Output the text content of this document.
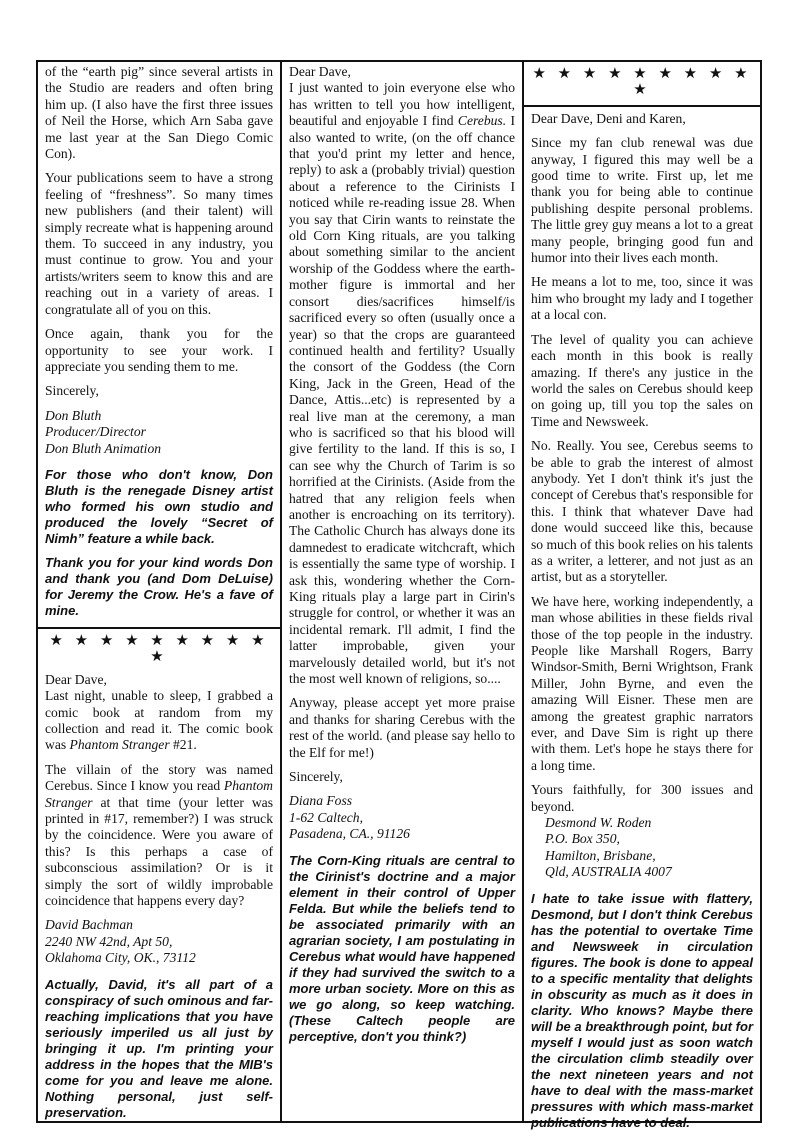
of the “earth pig” since several artists in the Studio are readers and often bring him up. (I also have the first three issues of Neil the Horse, which Arn Saba gave me last year at the San Diego Comic Con).

Your publications seem to have a strong feeling of “freshness”. So many times new publishers (and their talent) will simply recreate what is happening around them. To succeed in any industry, you must continue to grow. You and your artists/writers seem to know this and are reaching out in a variety of areas. I congratulate all of you on this.

Once again, thank you for the opportunity to see your work. I appreciate you sending them to me.

Sincerely,

Don Bluth
Producer/Director
Don Bluth Animation

For those who don't know, Don Bluth is the renegade Disney artist who formed his own studio and produced the lovely “Secret of Nimh” feature a while back.

Thank you for your kind words Don and thank you (and Dom DeLuise) for Jeremy the Crow. He's a fave of mine.

★ ★ ★ ★ ★ ★ ★ ★ ★ ★

Dear Dave,

Last night, unable to sleep, I grabbed a comic book at random from my collection and read it. The comic book was Phantom Stranger #21.

The villain of the story was named Cerebus. Since I know you read Phantom Stranger at that time (your letter was printed in #17, remember?) I was struck by the coincidence. Were you aware of this? Is this perhaps a case of subconscious assimilation? Or is it simply the sort of wildly improbable coincidence that happens every day?

David Bachman
2240 NW 42nd, Apt 50,
Oklahoma City, OK., 73112

Actually, David, it's all part of a conspiracy of such ominous and far-reaching implications that you have seriously imperiled us all just by bringing it up. I'm printing your address in the hopes that the MIB's come for you and leave me alone. Nothing personal, just self-preservation.

Dear Dave,

I just wanted to join everyone else who has written to tell you how intelligent, beautiful and enjoyable I find Cerebus. I also wanted to write, (on the off chance that you'd print my letter and hence, reply) to ask a (probably trivial) question about a reference to the Cirinists I noticed while re-reading issue 28. When you say that Cirin wants to reinstate the old Corn King rituals, are you talking about something similar to the ancient worship of the Goddess where the earth-mother figure is immortal and her consort dies/sacrifices himself/is sacrificed every so often (usually once a year) so that the crops are guaranteed continued health and fertility? Usually the consort of the Goddess (the Corn King, Jack in the Green, Head of the Dance, Attis...etc) is represented by a real live man at the ceremony, a man who is sacrificed so that his blood will give fertility to the land. If this is so, I can see why the Church of Tarim is so horrified at the Cirinists. (Aside from the hatred that any religion feels when another is encroaching on its territory). The Catholic Church has always done its damnedest to eradicate witchcraft, which is essentially the same type of worship. I ask this, wondering whether the Corn-King rituals play a large part in Cirin's struggle for control, or whether it was an incidental remark. I'll admit, I find the latter improbable, given your marvelously detailed world, but it's not the most well known of religions, so....

Anyway, please accept yet more praise and thanks for sharing Cerebus with the rest of the world. (and please say hello to the Elf for me!)

Sincerely,

Diana Foss
1-62 Caltech,
Pasadena, CA., 91126

The Corn-King rituals are central to the Cirinist's doctrine and a major element in their control of Upper Felda. But while the beliefs tend to be associated primarily with an agrarian society, I am postulating in Cerebus what would have happened if they had survived the switch to a more urban society. More on this as we go along, so keep watching. (These Caltech people are perceptive, don't you think?)

★ ★ ★ ★ ★ ★ ★ ★ ★ ★

Dear Dave, Deni and Karen,

Since my fan club renewal was due anyway, I figured this may well be a good time to write. First up, let me thank you for being able to continue publishing despite personal problems. The little grey guy means a lot to a great many people, bringing good fun and humor into their lives each month.

He means a lot to me, too, since it was him who brought my lady and I together at a local con.

The level of quality you can achieve each month in this book is really amazing. If there's any justice in the world the sales on Cerebus should keep on going up, till you top the sales on Time and Newsweek.

No. Really. You see, Cerebus seems to be able to grab the interest of almost anybody. Yet I don't think it's just the concept of Cerebus that's responsible for this. I think that whatever Dave had done would succeed like this, because so much of this book relies on his talents as a writer, a letterer, and not just as an artist, but as a storyteller.

We have here, working independently, a man whose abilities in these fields rival those of the top people in the industry. People like Marshall Rogers, Barry Windsor-Smith, Berni Wrightson, Frank Miller, John Byrne, and even the amazing Will Eisner. These men are among the greatest graphic narrators ever, and Dave Sim is right up there with them. Let's hope he stays there for a long time.

Yours faithfully, for 300 issues and beyond.

Desmond W. Roden
P.O. Box 350,
Hamilton, Brisbane,
Qld, AUSTRALIA 4007

I hate to take issue with flattery, Desmond, but I don't think Cerebus has the potential to overtake Time and Newsweek in circulation figures. The book is done to appeal to a specific mentality that delights in obscurity as much as it does in clarity. Who knows? Maybe there will be a breakthrough point, but for myself I would just as soon watch the circulation climb steadily over the next nineteen years and not have to deal with the mass-market pressures with which mass-market publications have to deal.
